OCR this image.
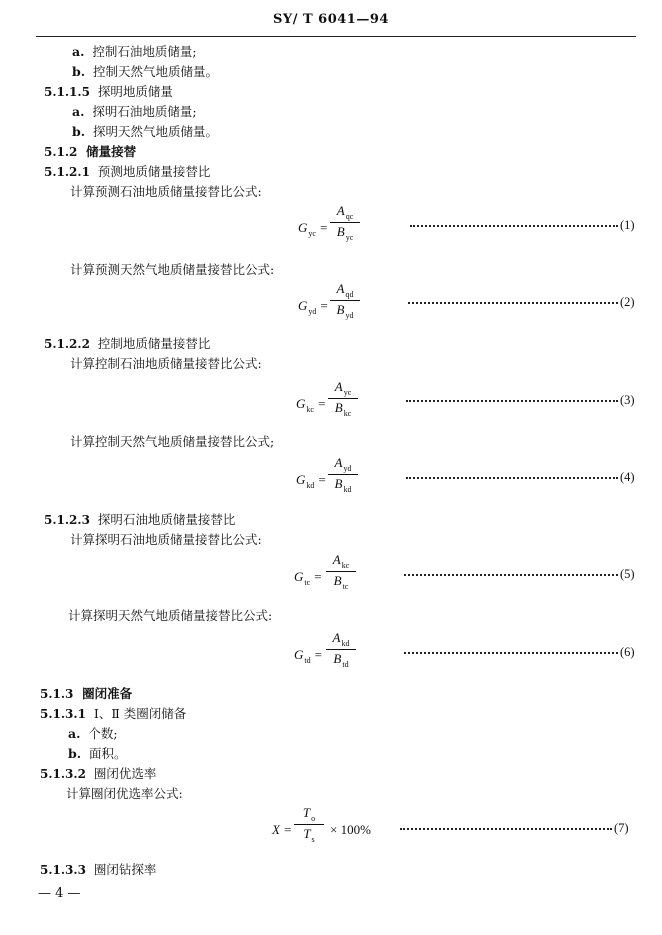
SY/ T 6041—94
a. 控制石油地质储量;
b. 控制天然气地质储量。
5.1.1.5 探明地质储量
a. 探明石油地质储量;
b. 探明天然气地质储量。
5.1.2 储量接替
5.1.2.1 预测地质储量接替比
计算预测石油地质储量接替比公式:
$G_{yc}$ =
$A_{qc}$
$B_{yc}$
(1)
计算预测天然气地质储量接替比公式:
$G_{yd}$ =
$A_{qd}$
$B_{yd}$
(2)
5.1.2.2 控制地质储量接替比
计算控制石油地质储量接替比公式:
$G_{kc}$ =
$A_{yc}$
$B_{kc}$
(3)
计算控制天然气地质储量接替比公式;
$G_{kd}$ =
$A_{yd}$
$B_{kd}$
(4)
5.1.2.3 探明石油地质储量接替比
计算探明石油地质储量接替比公式:
$G_{tc}$ =
$A_{kc}$
$B_{tc}$
(5)
计算探明天然气地质储量接替比公式:
$G_{td}$ =
$A_{kd}$
$B_{td}$
(6)
5.1.3 圈闭准备
5.1.3.1 Ⅰ、Ⅱ 类圈闭储备
a. 个数;
b. 面积。
5.1.3.2 圈闭优选率
计算圈闭优选率公式:
X =
$T_o$
$T_s$
× 100%	(7)
5.1.3.3 圈闭钻探率
— 4 —
